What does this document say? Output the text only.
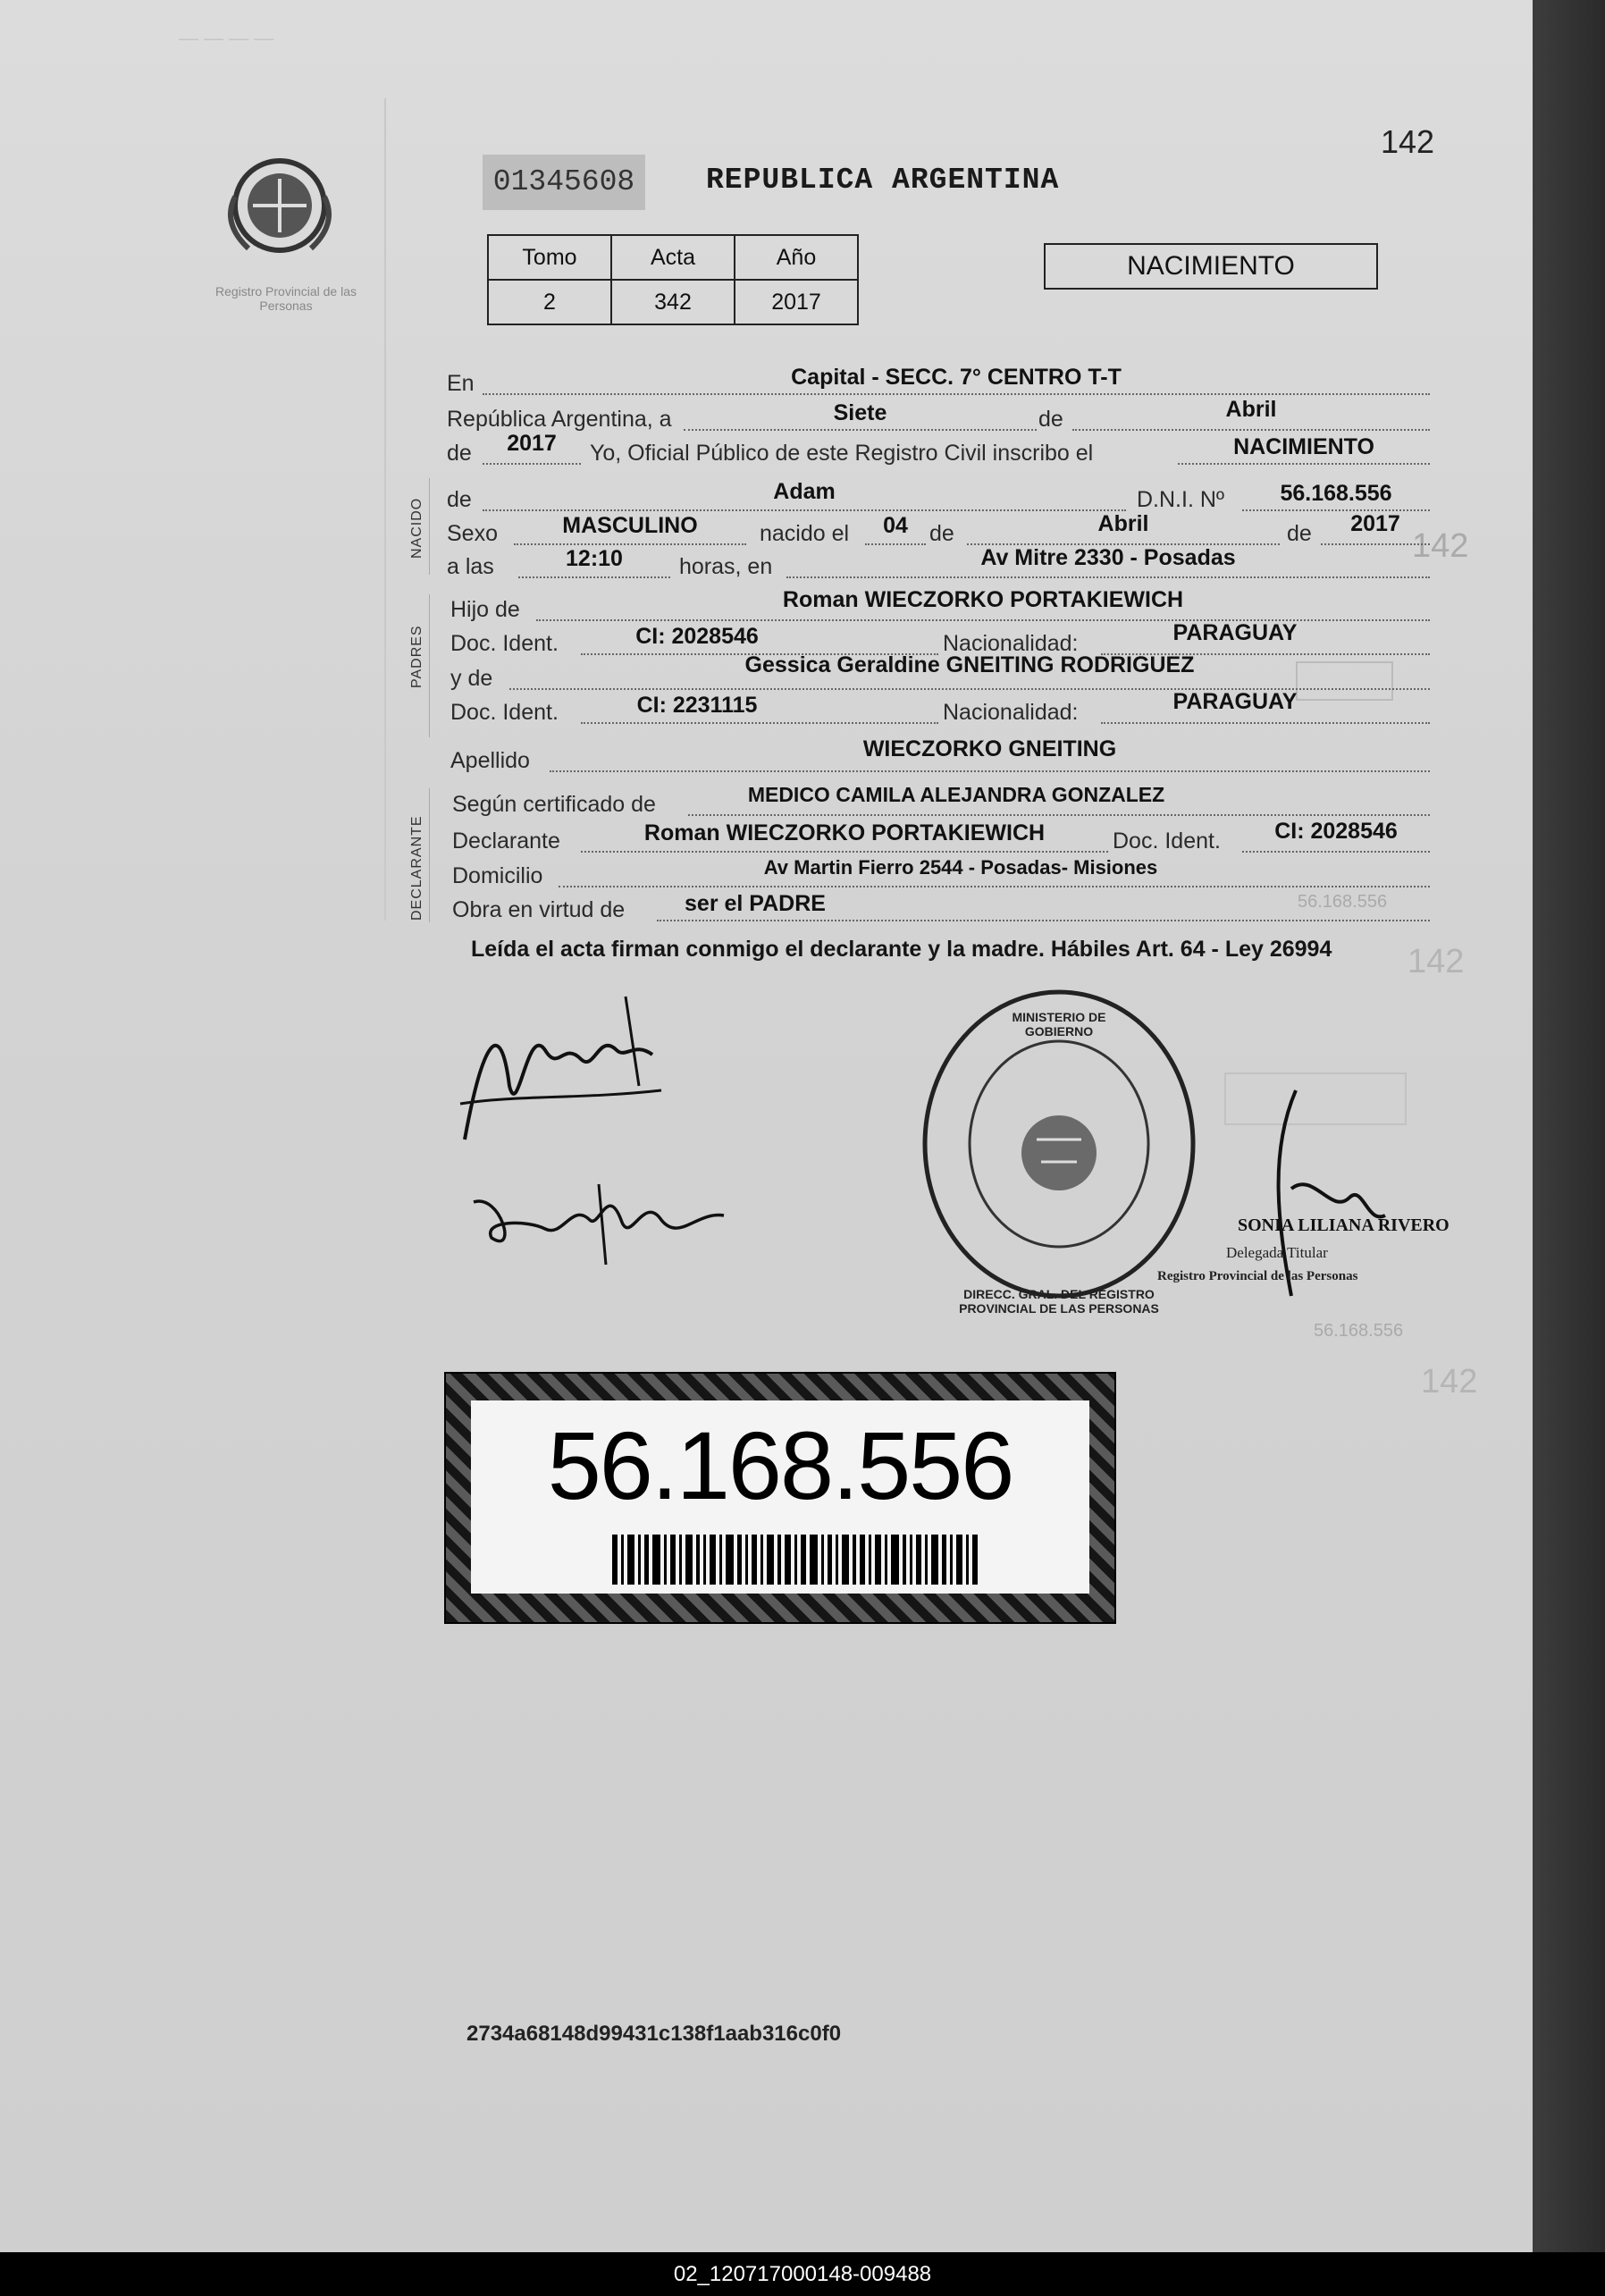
— — — —
142
142
142
56.168.556
56.168.556
Registro Provincial de las Personas
01345608	REPUBLICA ARGENTINA
142
Tomo	Acta	Año
2	342	2017
NACIMIENTO
En	Capital - SECC. 7° CENTRO T-T
República Argentina, a	Siete	de	Abril
de	2017	Yo, Oficial Público de este Registro Civil inscribo el	NACIMIENTO
NACIDO de	Adam	D.N.I. Nº	56.168.556
Sexo	MASCULINO	nacido el	04 de	Abril	de	2017
a las	12:10	horas, en	Av Mitre 2330 - Posadas
PADRES
Hijo de	Roman WIECZORKO PORTAKIEWICH
Doc. Ident.	CI: 2028546	Nacionalidad:	PARAGUAY
y de
Gessica Geraldine GNEITING RODRIGUEZ
Doc. Ident.	CI: 2231115	Nacionalidad:	PARAGUAY
Apellido	WIECZORKO GNEITING
DECLARANTE
Según certificado de	MEDICO CAMILA ALEJANDRA GONZALEZ
Declarante	Roman WIECZORKO PORTAKIEWICH	Doc. Ident.	CI: 2028546
Domicilio	Av Martin Fierro 2544 - Posadas- Misiones
Obra en virtud de	ser el PADRE
Leída el acta firman conmigo el declarante y la madre. Hábiles Art. 64 - Ley 26994
MINISTERIO DE GOBIERNO
DIRECC. GRAL. DEL REGISTRO PROVINCIAL DE LAS PERSONAS
SONIA LILIANA RIVERO
Delegada Titular
Registro Provincial de las Personas
56.168.556
2734a68148d99431c138f1aab316c0f0
02_120717000148-009488
